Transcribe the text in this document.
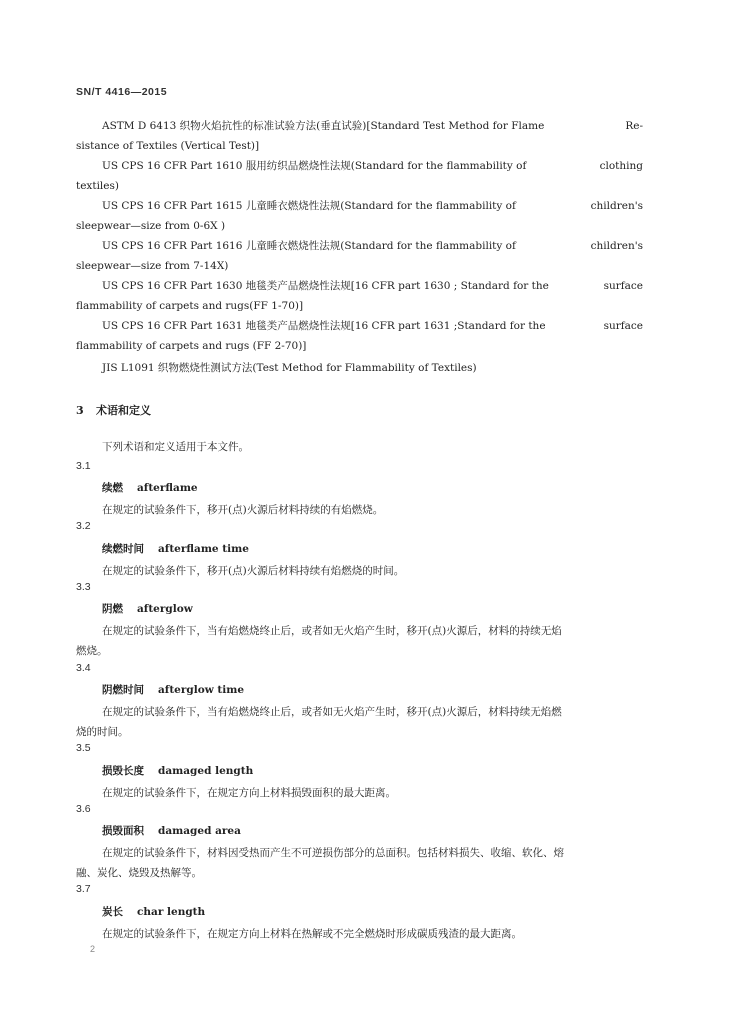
SN/T 4416—2015
ASTM D 6413 织物火焰抗性的标准试验方法(垂直试验)[Standard Test Method for Flame	Re-
sistance of Textiles (Vertical Test)]
US CPS 16 CFR Part 1610 服用纺织品燃烧性法规(Standard for the flammability of	clothing
textiles)
US CPS 16 CFR Part 1615 儿童睡衣燃烧性法规(Standard for the flammability of	children's
sleepwear—size from 0-6X )
US CPS 16 CFR Part 1616 儿童睡衣燃烧性法规(Standard for the flammability of	children's
sleepwear—size from 7-14X)
US CPS 16 CFR Part 1630 地毯类产品燃烧性法规[16 CFR part 1630 ; Standard for the	surface
flammability of carpets and rugs(FF 1-70)]
US CPS 16 CFR Part 1631 地毯类产品燃烧性法规[16 CFR part 1631 ;Standard for the	surface
flammability of carpets and rugs (FF 2-70)]
JIS L1091 织物燃烧性测试方法(Test Method for Flammability of Textiles)
3 术语和定义
下列术语和定义适用于本文件。
3.1
续燃 afterflame
在规定的试验条件下，移开(点)火源后材料持续的有焰燃烧。
3.2
续燃时间 afterflame time
在规定的试验条件下，移开(点)火源后材料持续有焰燃烧的时间。
3.3
阴燃 afterglow
在规定的试验条件下，当有焰燃烧终止后，或者如无火焰产生时，移开(点)火源后，材料的持续无焰
燃烧。
3.4
阴燃时间 afterglow time
在规定的试验条件下，当有焰燃烧终止后，或者如无火焰产生时，移开(点)火源后，材料持续无焰燃
烧的时间。
3.5
损毁长度 damaged length
在规定的试验条件下，在规定方向上材料损毁面积的最大距离。
3.6
损毁面积 damaged area
在规定的试验条件下，材料因受热而产生不可逆损伤部分的总面积。包括材料损失、收缩、软化、熔
融、炭化、烧毁及热解等。
3.7
炭长 char length
在规定的试验条件下，在规定方向上材料在热解或不完全燃烧时形成碳质残渣的最大距离。
2
